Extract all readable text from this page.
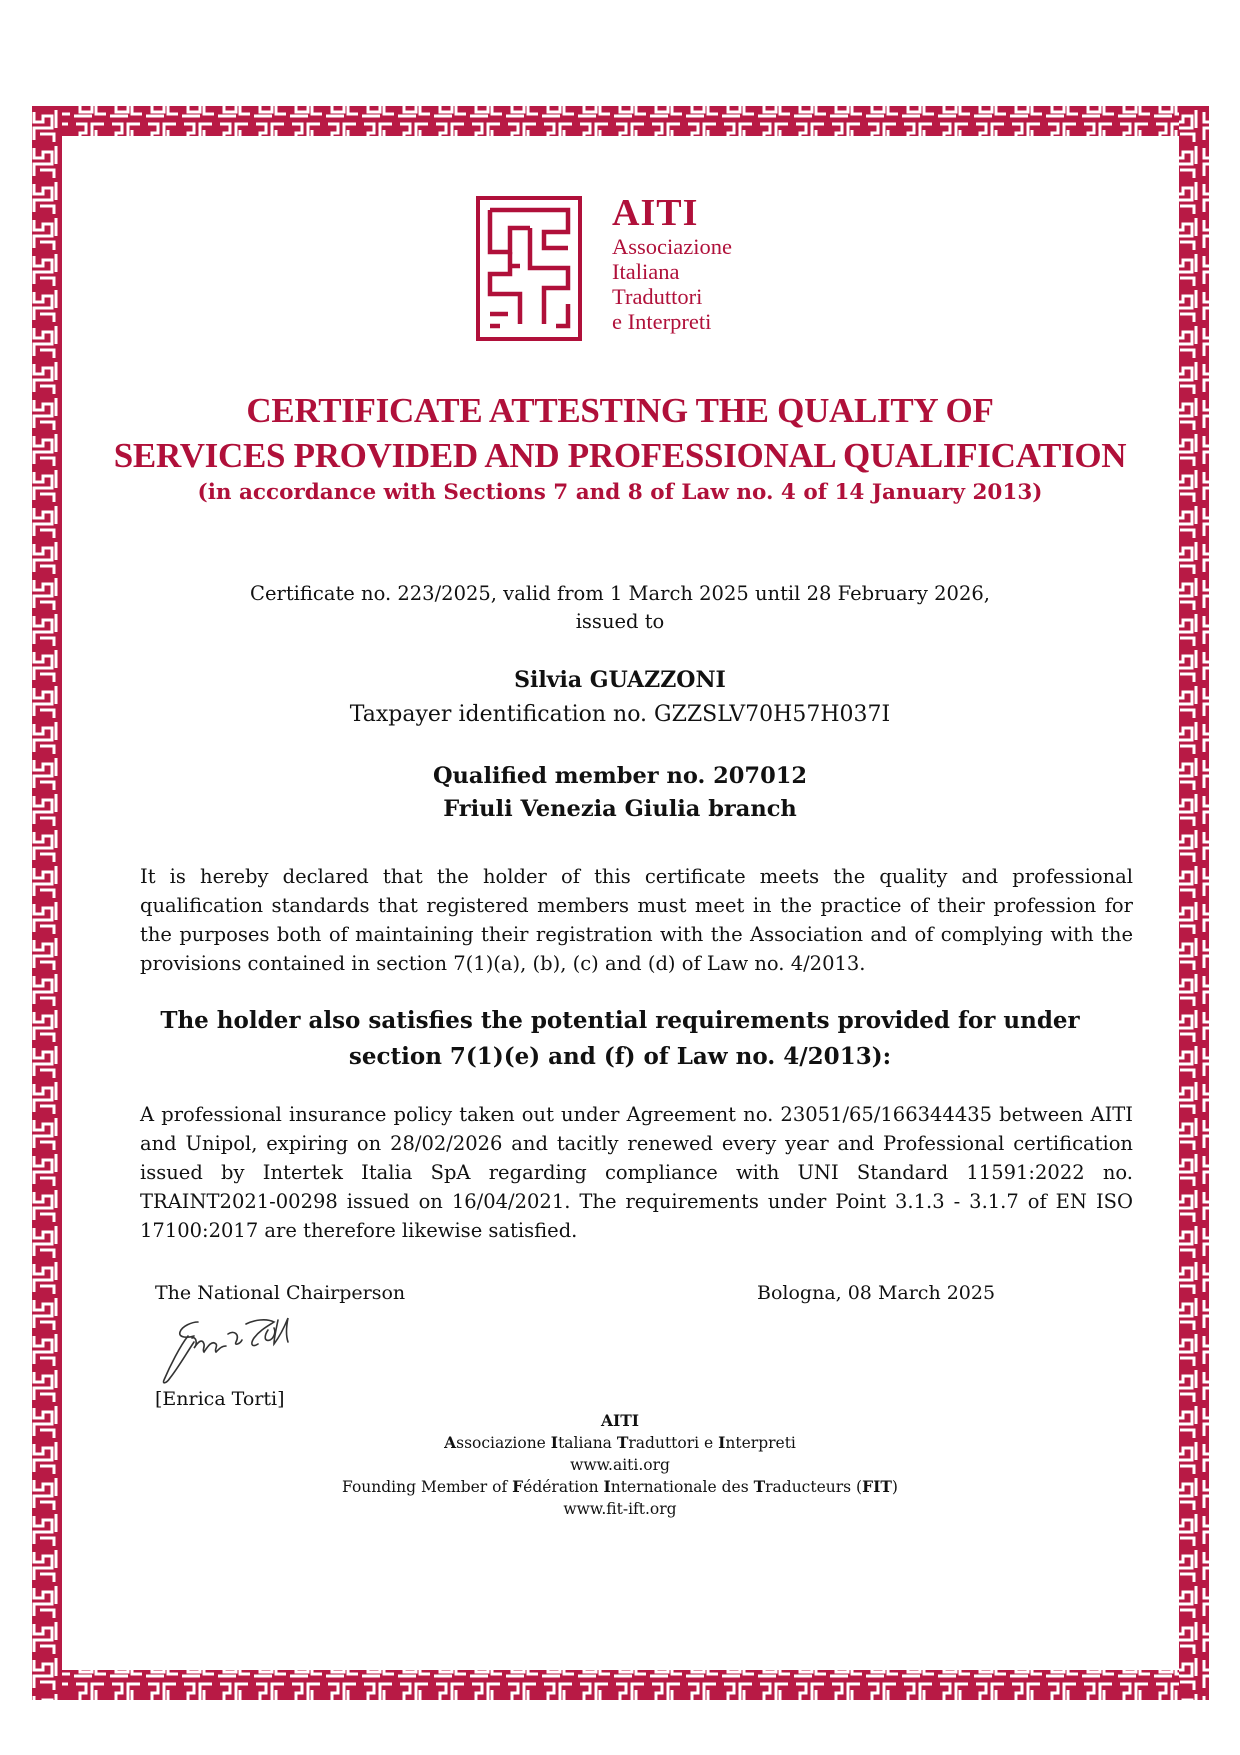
AITI
Associazione
Italiana
Traduttori
e Interpreti
CERTIFICATE ATTESTING THE QUALITY OF
SERVICES PROVIDED AND PROFESSIONAL QUALIFICATION
(in accordance with Sections 7 and 8 of Law no. 4 of 14 January 2013)
Certificate no. 223/2025, valid from 1 March 2025 until 28 February 2026,
issued to
Silvia GUAZZONI
Taxpayer identification no. GZZSLV70H57H037I
Qualified member no. 207012
Friuli Venezia Giulia branch
It is hereby declared that the holder of this certificate meets the quality and professional qualification standards that registered members must meet in the practice of their profession for the purposes both of maintaining their registration with the Association and of complying with the provisions contained in section 7(1)(a), (b), (c) and (d) of Law no. 4/2013.
The holder also satisfies the potential requirements provided for under
section 7(1)(e) and (f) of Law no. 4/2013):
A professional insurance policy taken out under Agreement no. 23051/65/166344435 between AITI and Unipol, expiring on 28/02/2026 and tacitly renewed every year and Professional certification issued by Intertek Italia SpA regarding compliance with UNI Standard 11591:2022 no. TRAINT2021-00298 issued on 16/04/2021. The requirements under Point 3.1.3 - 3.1.7 of EN ISO 17100:2017 are therefore likewise satisfied.
The National Chairperson	Bologna, 08 March 2025
[Enrica Torti]
AITI
Associazione Italiana Traduttori e Interpreti
www.aiti.org
Founding Member of Fédération Internationale des Traducteurs (FIT)
www.fit-ift.org
